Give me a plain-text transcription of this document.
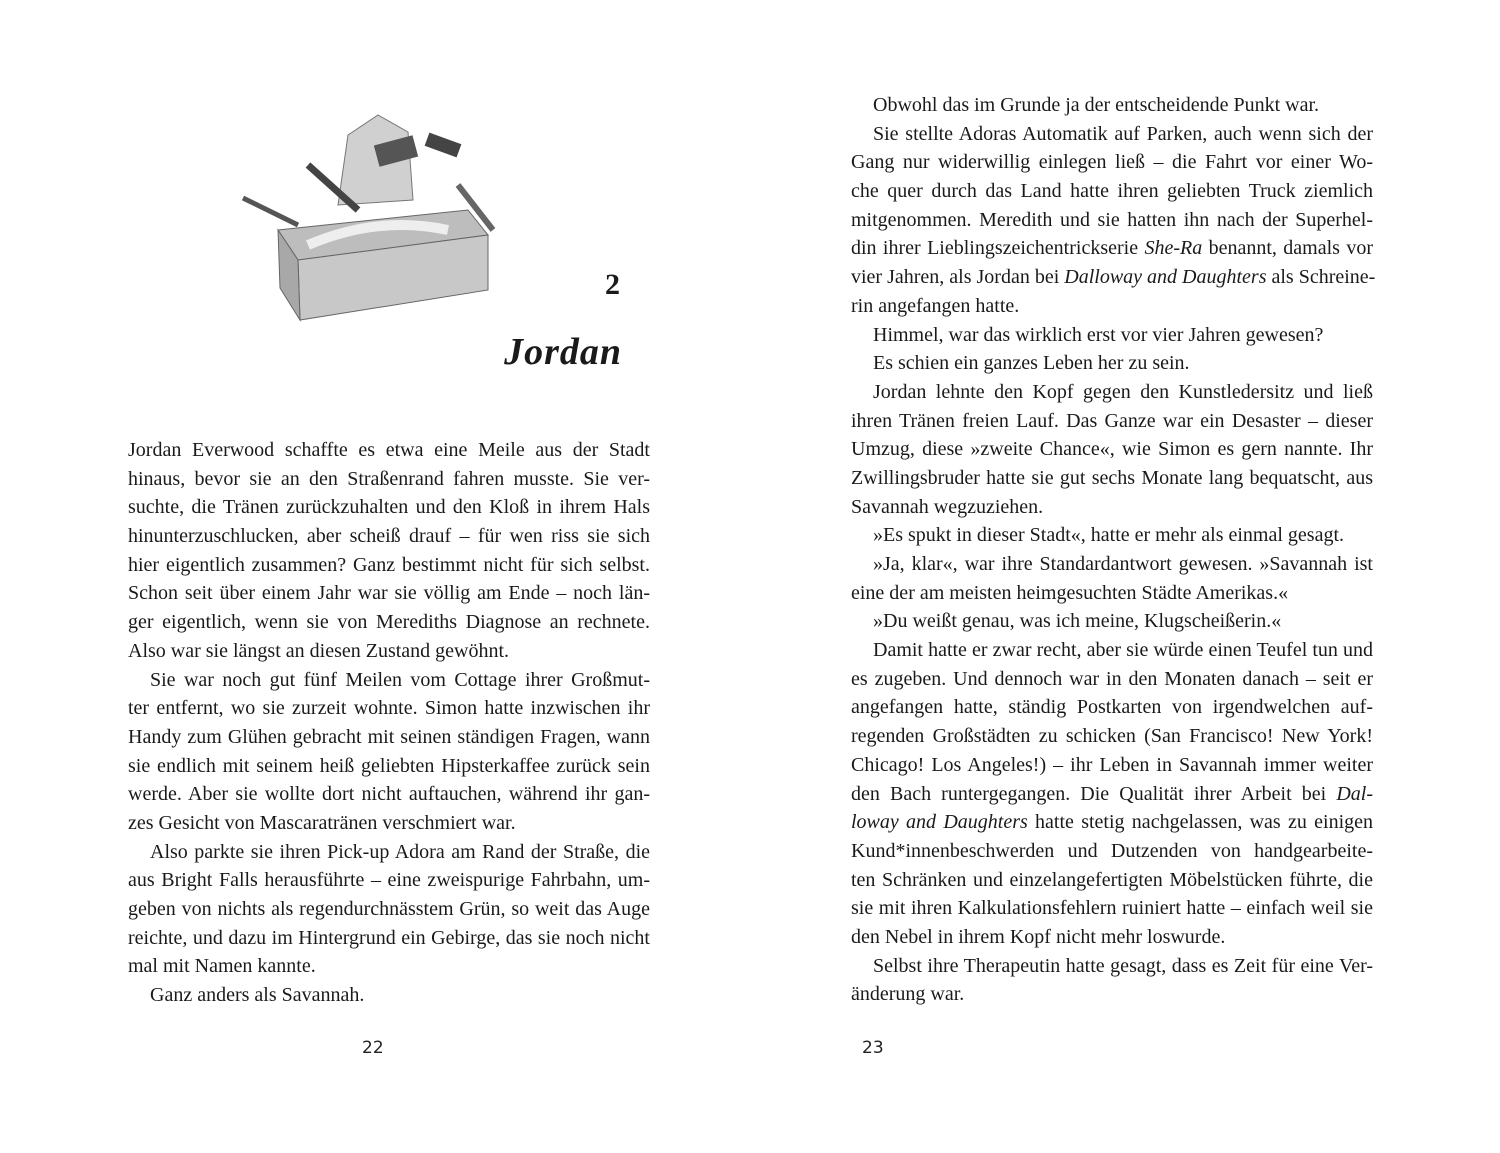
2
Jordan
Jordan Everwood schaffte es etwa eine Meile aus der Stadt
hinaus, bevor sie an den Straßenrand fahren musste. Sie ver-
suchte, die Tränen zurückzuhalten und den Kloß in ihrem Hals
hinunterzuschlucken, aber scheiß drauf – für wen riss sie sich
hier eigentlich zusammen? Ganz bestimmt nicht für sich selbst.
Schon seit über einem Jahr war sie völlig am Ende – noch län-
ger eigentlich, wenn sie von Merediths Diagnose an rechnete.
Also war sie längst an diesen Zustand gewöhnt.
Sie war noch gut fünf Meilen vom Cottage ihrer Großmut-
ter entfernt, wo sie zurzeit wohnte. Simon hatte inzwischen ihr
Handy zum Glühen gebracht mit seinen ständigen Fragen, wann
sie endlich mit seinem heiß geliebten Hipsterkaffee zurück sein
werde. Aber sie wollte dort nicht auftauchen, während ihr gan-
zes Gesicht von Mascaratränen verschmiert war.
Also parkte sie ihren Pick-up Adora am Rand der Straße, die
aus Bright Falls herausführte – eine zweispurige Fahrbahn, um-
geben von nichts als regendurchnässtem Grün, so weit das Auge
reichte, und dazu im Hintergrund ein Gebirge, das sie noch nicht
mal mit Namen kannte.
Ganz anders als Savannah.
22
Obwohl das im Grunde ja der entscheidende Punkt war.
Sie stellte Adoras Automatik auf Parken, auch wenn sich der
Gang nur widerwillig einlegen ließ – die Fahrt vor einer Wo-
che quer durch das Land hatte ihren geliebten Truck ziemlich
mitgenommen. Meredith und sie hatten ihn nach der Superhel-
din ihrer Lieblingszeichentrickserie She-Ra benannt, damals vor
vier Jahren, als Jordan bei Dalloway and Daughters als Schreine-
rin angefangen hatte.
Himmel, war das wirklich erst vor vier Jahren gewesen?
Es schien ein ganzes Leben her zu sein.
Jordan lehnte den Kopf gegen den Kunstledersitz und ließ
ihren Tränen freien Lauf. Das Ganze war ein Desaster – dieser
Umzug, diese »zweite Chance«, wie Simon es gern nannte. Ihr
Zwillingsbruder hatte sie gut sechs Monate lang bequatscht, aus
Savannah wegzuziehen.
»Es spukt in dieser Stadt«, hatte er mehr als einmal gesagt.
»Ja, klar«, war ihre Standardantwort gewesen. »Savannah ist
eine der am meisten heimgesuchten Städte Amerikas.«
»Du weißt genau, was ich meine, Klugscheißerin.«
Damit hatte er zwar recht, aber sie würde einen Teufel tun und
es zugeben. Und dennoch war in den Monaten danach – seit er
angefangen hatte, ständig Postkarten von irgendwelchen auf-
regenden Großstädten zu schicken (San Francisco! New York!
Chicago! Los Angeles!) – ihr Leben in Savannah immer weiter
den Bach runtergegangen. Die Qualität ihrer Arbeit bei Dal-
loway and Daughters hatte stetig nachgelassen, was zu einigen
Kund*innenbeschwerden und Dutzenden von handgearbeite-
ten Schränken und einzelangefertigten Möbelstücken führte, die
sie mit ihren Kalkulationsfehlern ruiniert hatte – einfach weil sie
den Nebel in ihrem Kopf nicht mehr loswurde.
Selbst ihre Therapeutin hatte gesagt, dass es Zeit für eine Ver-
änderung war.
23
